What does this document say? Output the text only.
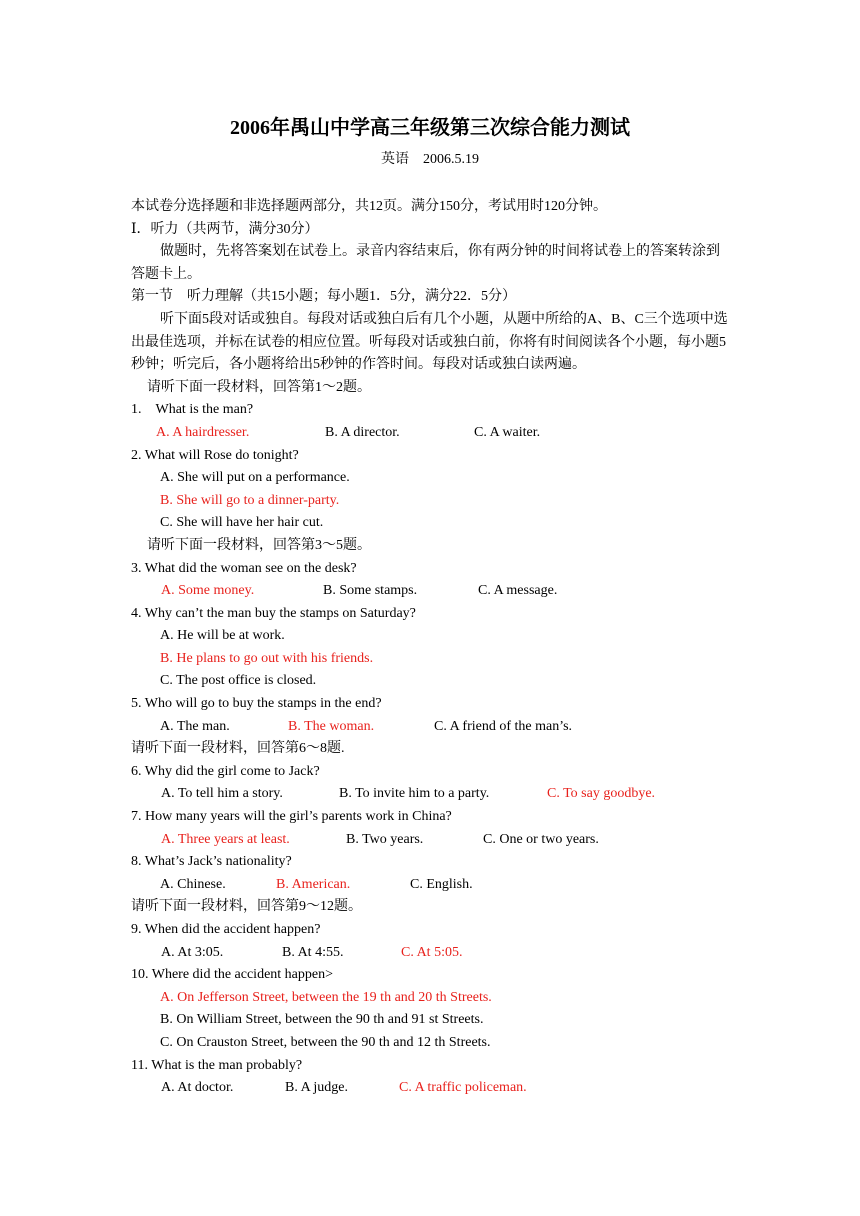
2006年禺山中学高三年级第三次综合能力测试
英语　2006.5.19
本试卷分选择题和非选择题两部分，共12页。满分150分，考试用时120分钟。
Ⅰ．听力（共两节，满分30分）
做题时，先将答案划在试卷上。录音内容结束后，你有两分钟的时间将试卷上的答案转涂到答题卡上。
第一节　听力理解（共15小题；每小题1．5分，满分22．5分）
听下面5段对话或独自。每段对话或独白后有几个小题，从题中所给的A、B、C三个选项中选出最佳选项，并标在试卷的相应位置。听每段对话或独白前，你将有时间阅读各个小题，每小题5秒钟；听完后，各小题将给出5秒钟的作答时间。每段对话或独白读两遍。
请听下面一段材料，回答第1～2题。
1.　What is the man?
A. A hairdresser.	B. A director.	C. A waiter.
2. What will Rose do tonight?
A. She will put on a performance.
B. She will go to a dinner-party.
C. She will have her hair cut.
请听下面一段材料，回答第3～5题。
3. What did the woman see on the desk?
A. Some money.	B. Some stamps.	C. A message.
4. Why can’t the man buy the stamps on Saturday?
A. He will be at work.
B. He plans to go out with his friends.
C. The post office is closed.
5. Who will go to buy the stamps in the end?
A. The man.	B. The woman.	C. A friend of the man’s.
请听下面一段材料，回答第6～8题.
6. Why did the girl come to Jack?
A. To tell him a story.	B. To invite him to a party.	C. To say goodbye.
7. How many years will the girl’s parents work in China?
A. Three years at least.	B. Two years.	C. One or two years.
8. What’s Jack’s nationality?
A. Chinese.	B. American.	C. English.
请听下面一段材料，回答第9～12题。
9. When did the accident happen?
A. At 3:05.	B. At 4:55.	C. At 5:05.
10. Where did the accident happen>
A. On Jefferson Street, between the 19 th and 20 th Streets.
B. On William Street, between the 90 th and 91 st Streets.
C. On Crauston Street, between the 90 th and 12 th Streets.
11. What is the man probably?
A. At doctor.	B. A judge.	C. A traffic policeman.
